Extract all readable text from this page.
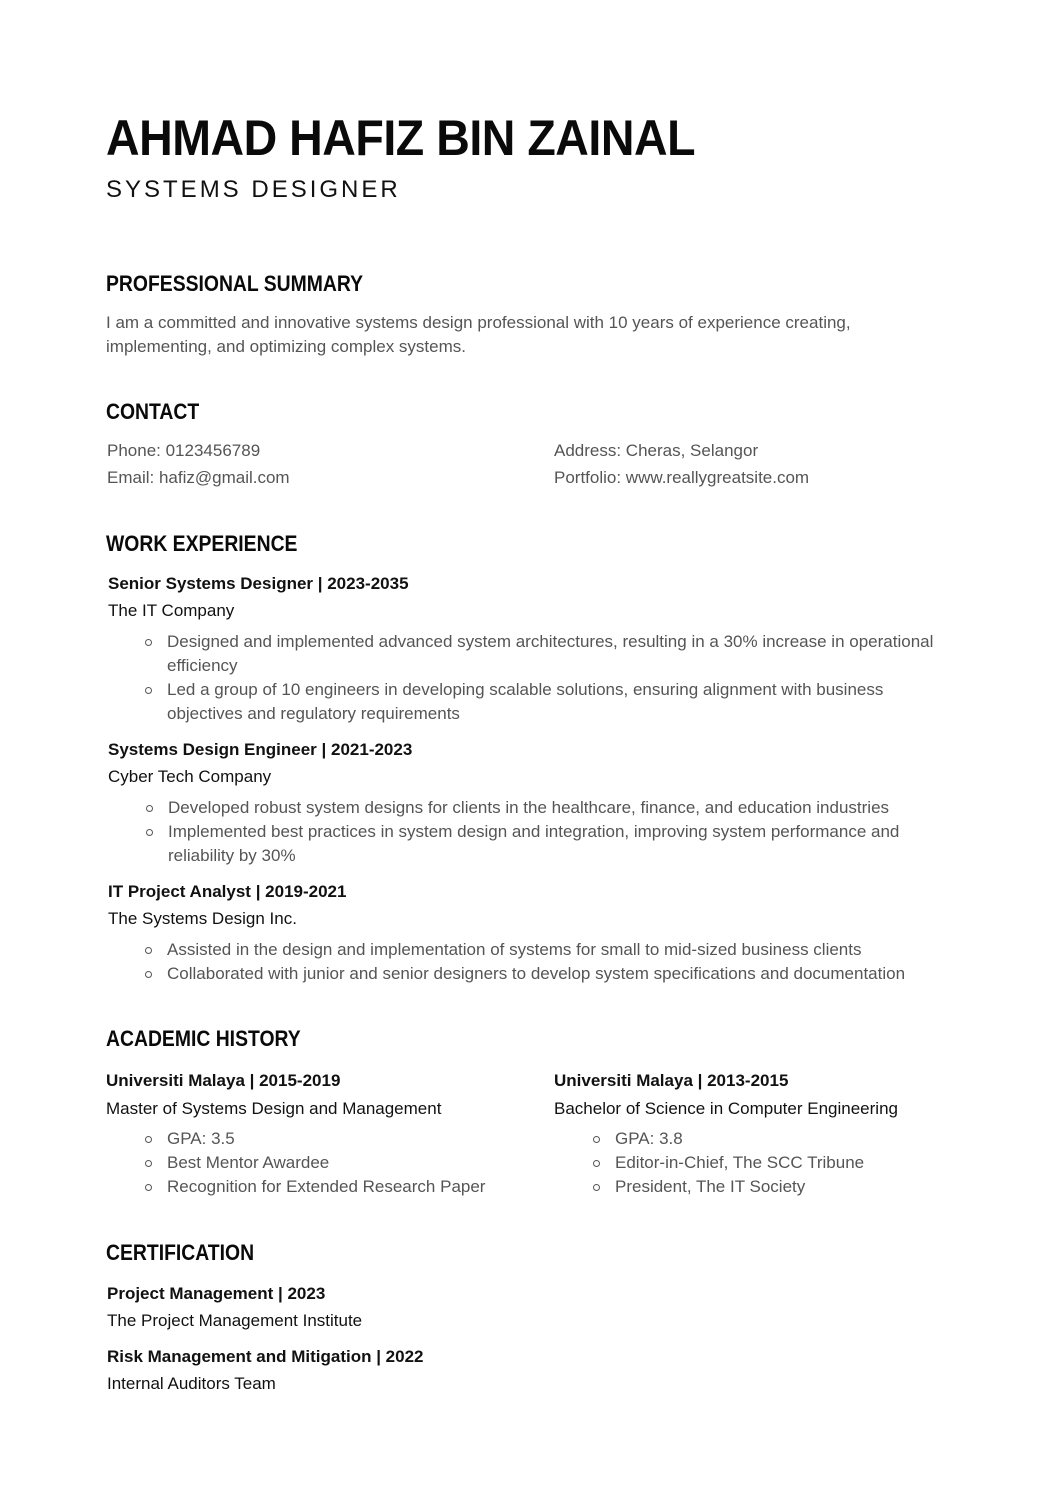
AHMAD HAFIZ BIN ZAINAL
SYSTEMS DESIGNER
PROFESSIONAL SUMMARY

I am a committed and innovative systems design professional with 10 years of experience creating, implementing, and optimizing complex systems.

CONTACT
Phone: 0123456789
Email: hafiz@gmail.com
Address: Cheras, Selangor
Portfolio: www.reallygreatsite.com
WORK EXPERIENCE
Senior Systems Designer | 2023-2035
The IT Company
Designed and implemented advanced system architectures, resulting in a 30% increase in operational efficiency
Led a group of 10 engineers in developing scalable solutions, ensuring alignment with business objectives and regulatory requirements
Systems Design Engineer | 2021-2023
Cyber Tech Company
Developed robust system designs for clients in the healthcare, finance, and education industries
Implemented best practices in system design and integration, improving system performance and reliability by 30%
IT Project Analyst | 2019-2021
The Systems Design Inc.
Assisted in the design and implementation of systems for small to mid-sized business clients
Collaborated with junior and senior designers to develop system specifications and documentation
ACADEMIC HISTORY
Universiti Malaya | 2015-2019
Master of Systems Design and Management
GPA: 3.5
Best Mentor Awardee
Recognition for Extended Research Paper
Universiti Malaya | 2013-2015
Bachelor of Science in Computer Engineering
GPA: 3.8
Editor-in-Chief, The SCC Tribune
President, The IT Society
CERTIFICATION
Project Management | 2023
The Project Management Institute
Risk Management and Mitigation | 2022
Internal Auditors Team
